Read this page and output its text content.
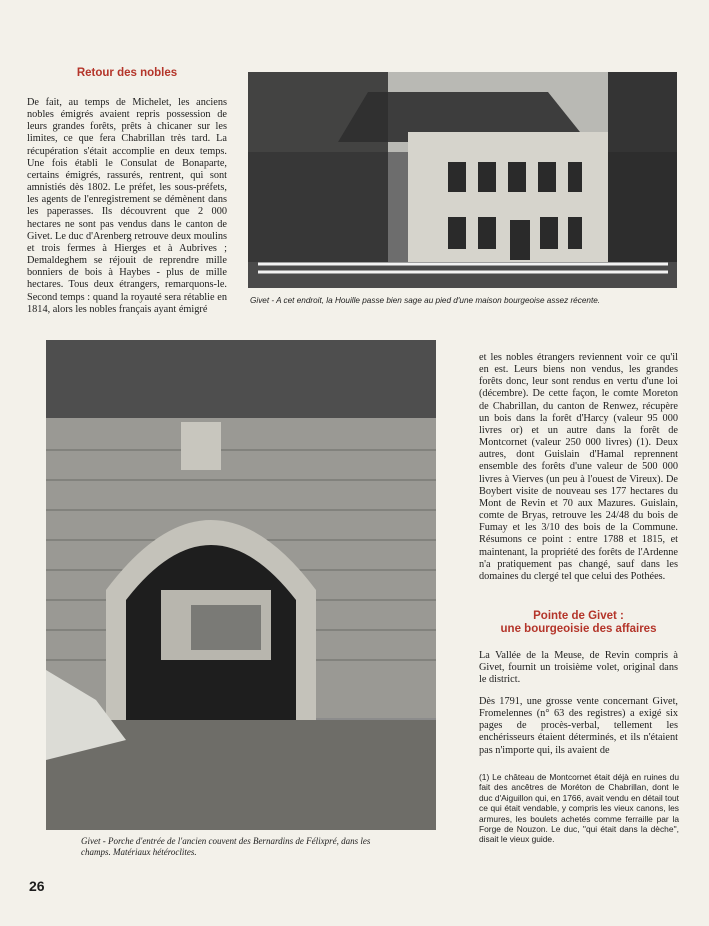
Retour des nobles

De fait, au temps de Michelet, les anciens nobles émigrés avaient repris possession de leurs grandes forêts, prêts à chicaner sur les limites, ce que fera Chabrillan très tard. La récupération s'était accomplie en deux temps. Une fois établi le Consulat de Bonaparte, certains émigrés, rassurés, rentrent, qui sont amnistiés dès 1802. Le préfet, les sous-préfets, les agents de l'enregistrement se démènent dans les paperasses. Ils découvrent que 2 000 hectares ne sont pas vendus dans le canton de Givet. Le duc d'Arenberg retrouve deux moulins et trois fermes à Hierges et à Aubrives ; Demaldeghem se réjouit de reprendre mille bonniers de bois à Haybes - plus de mille hectares. Tous deux étrangers, remarquons-le. Second temps : quand la royauté sera rétablie en 1814, alors les nobles français ayant émigré

Givet - A cet endroit, la Houille passe bien sage au pied d'une maison bourgeoise assez récente.
Givet - Porche d'entrée de l'ancien couvent des Bernardins de Félixpré, dans les champs. Matériaux hétéroclites.

et les nobles étrangers reviennent voir ce qu'il en est. Leurs biens non vendus, les grandes forêts donc, leur sont rendus en vertu d'une loi (décembre). De cette façon, le comte Moreton de Chabrillan, du canton de Renwez, récupère un bois dans la forêt d'Harcy (valeur 95 000 livres or) et un autre dans la forêt de Montcornet (valeur 250 000 livres) (1). Deux autres, dont Guislain d'Hamal reprennent ensemble des forêts d'une valeur de 500 000 livres à Vierves (un peu à l'ouest de Vireux). De Boybert visite de nouveau ses 177 hectares du Mont de Revin et 70 aux Mazures. Guislain, comte de Bryas, retrouve les 24/48 du bois de Fumay et les 3/10 des bois de la Commune. Résumons ce point : entre 1788 et 1815, et maintenant, la propriété des forêts de l'Ardenne n'a pratiquement pas changé, sauf dans les domaines du clergé tel que celui des Pothées.

Pointe de Givet :
une bourgeoisie des affaires

La Vallée de la Meuse, de Revin compris à Givet, fournit un troisième volet, original dans le district.

Dès 1791, une grosse vente concernant Givet, Fromelennes (n° 63 des registres) a exigé six pages de procès-verbal, tellement les enchérisseurs étaient déterminés, et ils n'étaient pas n'importe qui, ils avaient de

(1) Le château de Montcornet était déjà en ruines du fait des ancêtres de Moréton de Chabrillan, dont le duc d'Aiguillon qui, en 1766, avait vendu en détail tout ce qui était vendable, y compris les vieux canons, les armures, les boulets achetés comme ferraille par la Forge de Nouzon. Le duc, ''qui était dans la dèche'', disait le vieux guide.

26
